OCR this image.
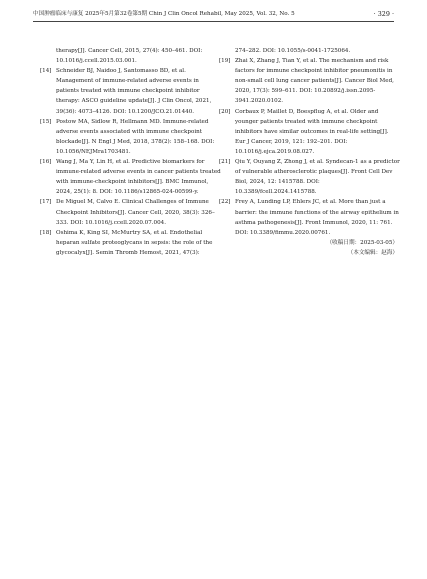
中国肿瘤临床与康复 2025年5月第32卷第5期 Chin J Clin Oncol Rehabil, May 2025, Vol. 32, No. 5	· 329 ·

therapy[J]. Cancer Cell, 2015, 27(4): 450–461. DOI: 10.1016/j.ccell.2015.03.001.

[14] Schneider BJ, Naidoo J, Santomasso BD, et al. Management of immune-related adverse events in patients treated with immune checkpoint inhibitor therapy: ASCO guideline update[J]. J Clin Oncol, 2021, 39(36): 4073–4126. DOI: 10.1200/JCO.21.01440.

[15] Postow MA, Sidlow R, Hellmann MD. Immune-related adverse events associated with immune checkpoint blockade[J]. N Engl J Med, 2018, 378(2): 158–168. DOI: 10.1056/NEJMra1703481.

[16] Wang J, Ma Y, Lin H, et al. Predictive biomarkers for immune-related adverse events in cancer patients treated with immune-checkpoint inhibitors[J]. BMC Immunol, 2024, 25(1): 8. DOI: 10.1186/s12865-024-00599-y.

[17] De Miguel M, Calvo E. Clinical Challenges of Immune Checkpoint Inhibitors[J]. Cancer Cell, 2020, 38(3): 326–333. DOI: 10.1016/j.ccell.2020.07.004.

[18] Oshima K, King SI, McMurtry SA, et al. Endothelial heparan sulfate proteoglycans in sepsis: the role of the glycocalyx[J]. Semin Thromb Hemost, 2021, 47(3):

274–282. DOI: 10.1055/s-0041-1725064.

[19] Zhai X, Zhang J, Tian Y, et al. The mechanism and risk factors for immune checkpoint inhibitor pneumonitis in non-small cell lung cancer patients[J]. Cancer Biol Med, 2020, 17(3): 599–611. DOI: 10.20892/j.issn.2095-3941.2020.0102.

[20] Corbaux P, Maillet D, Boespflug A, et al. Older and younger patients treated with immune checkpoint inhibitors have similar outcomes in real-life setting[J]. Eur J Cancer, 2019, 121: 192–201. DOI: 10.1016/j.ejca.2019.08.027.

[21] Qiu Y, Ouyang Z, Zhong J, et al. Syndecan-1 as a predictor of vulnerable atherosclerotic plaques[J]. Front Cell Dev Biol, 2024, 12: 1415788. DOI: 10.3389/fcell.2024.1415788.

[22] Frey A, Lunding LP, Ehlers JC, et al. More than just a barrier: the immune functions of the airway epithelium in asthma pathogenesis[J]. Front Immunol, 2020, 11: 761. DOI: 10.3389/fimmu.2020.00761.

（收稿日期：2025-03-05）
（本文编辑：赵海）
